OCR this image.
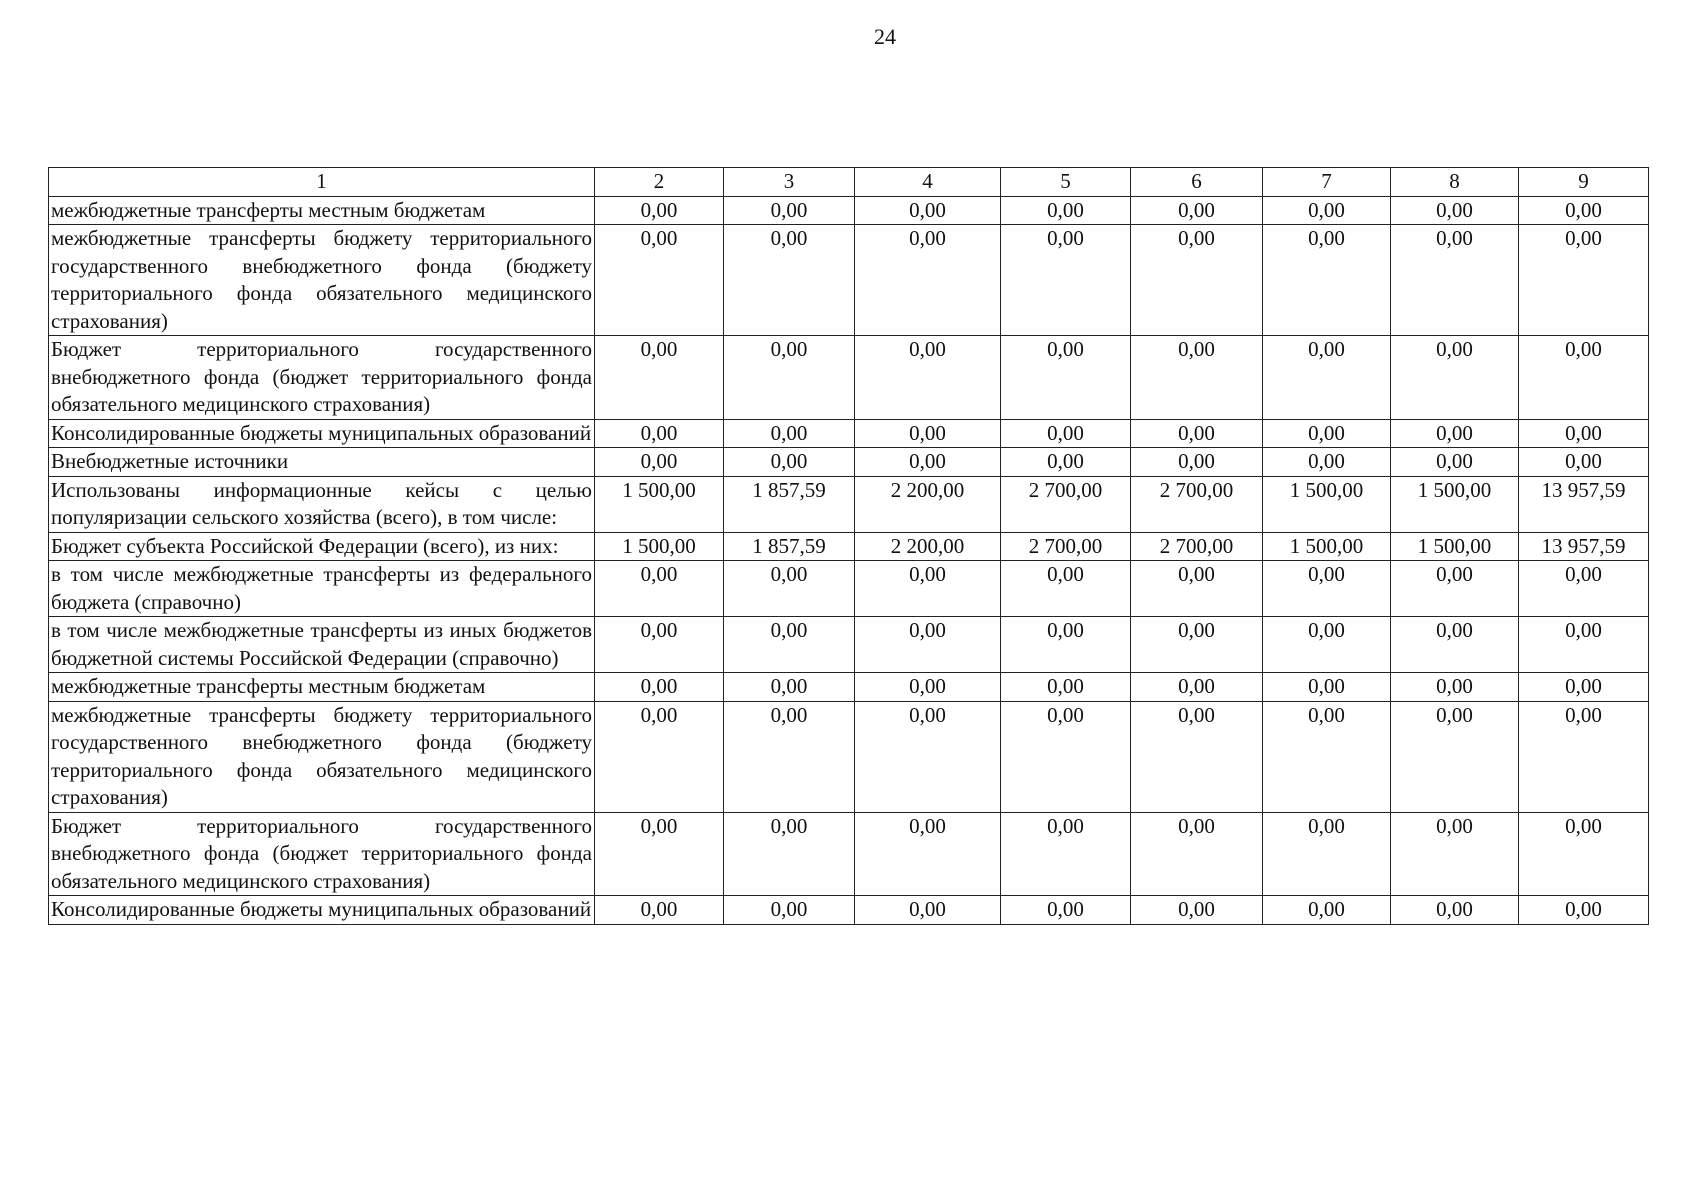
24
1	2	3	4	5	6	7	8	9
межбюджетные трансферты местным бюджетам	0,00	0,00	0,00	0,00	0,00	0,00	0,00	0,00
межбюджетные трансферты бюджету территориального государственного внебюджетного фонда (бюджету территориального фонда обязательного медицинского страхования)	0,00	0,00	0,00	0,00	0,00	0,00	0,00	0,00
Бюджет территориального государственного внебюджетного фонда (бюджет территориального фонда обязательного медицинского страхования)	0,00	0,00	0,00	0,00	0,00	0,00	0,00	0,00
Консолидированные бюджеты муниципальных образований	0,00	0,00	0,00	0,00	0,00	0,00	0,00	0,00
Внебюджетные источники	0,00	0,00	0,00	0,00	0,00	0,00	0,00	0,00
Использованы информационные кейсы с целью популяризации сельского хозяйства (всего), в том числе:	1 500,00	1 857,59	2 200,00	2 700,00	2 700,00	1 500,00	1 500,00	13 957,59
Бюджет субъекта Российской Федерации (всего), из них:	1 500,00	1 857,59	2 200,00	2 700,00	2 700,00	1 500,00	1 500,00	13 957,59
в том числе межбюджетные трансферты из федерального бюджета (справочно)	0,00	0,00	0,00	0,00	0,00	0,00	0,00	0,00
в том числе межбюджетные трансферты из иных бюджетов бюджетной системы Российской Федерации (справочно)	0,00	0,00	0,00	0,00	0,00	0,00	0,00	0,00
межбюджетные трансферты местным бюджетам	0,00	0,00	0,00	0,00	0,00	0,00	0,00	0,00
межбюджетные трансферты бюджету территориального государственного внебюджетного фонда (бюджету территориального фонда обязательного медицинского страхования)	0,00	0,00	0,00	0,00	0,00	0,00	0,00	0,00
Бюджет территориального государственного внебюджетного фонда (бюджет территориального фонда обязательного медицинского страхования)	0,00	0,00	0,00	0,00	0,00	0,00	0,00	0,00
Консолидированные бюджеты муниципальных образований	0,00	0,00	0,00	0,00	0,00	0,00	0,00	0,00
